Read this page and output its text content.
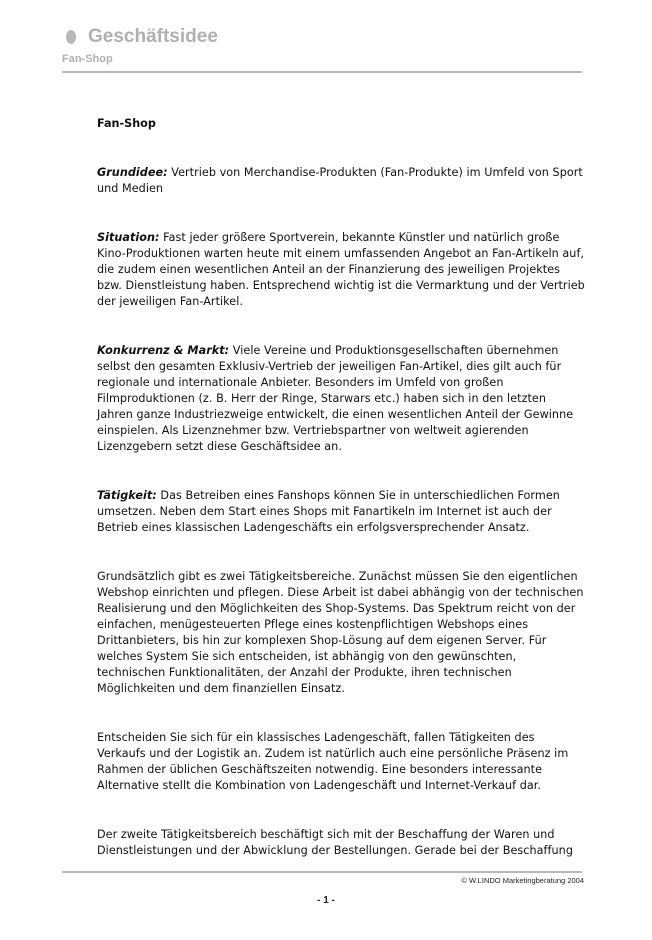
Geschäftsidee
Fan-Shop
Fan-Shop

Grundidee: Vertrieb von Merchandise-Produkten (Fan-Produkte) im Umfeld von Sport und Medien

Situation: Fast jeder größere Sportverein, bekannte Künstler und natürlich große Kino-Produktionen warten heute mit einem umfassenden Angebot an Fan-Artikeln auf, die zudem einen wesentlichen Anteil an der Finanzierung des jeweiligen Projektes bzw. Dienstleistung haben. Entsprechend wichtig ist die Vermarktung und der Vertrieb der jeweiligen Fan-Artikel.

Konkurrenz & Markt: Viele Vereine und Produktionsgesellschaften übernehmen selbst den gesamten Exklusiv-Vertrieb der jeweiligen Fan-Artikel, dies gilt auch für regionale und internationale Anbieter. Besonders im Umfeld von großen Filmproduktionen (z. B. Herr der Ringe, Starwars etc.) haben sich in den letzten Jahren ganze Industriezweige entwickelt, die einen wesentlichen Anteil der Gewinne einspielen. Als Lizenznehmer bzw. Vertriebspartner von weltweit agierenden Lizenzgebern setzt diese Geschäftsidee an.

Tätigkeit: Das Betreiben eines Fanshops können Sie in unterschiedlichen Formen umsetzen. Neben dem Start eines Shops mit Fanartikeln im Internet ist auch der Betrieb eines klassischen Ladengeschäfts ein erfolgsversprechender Ansatz.

Grundsätzlich gibt es zwei Tätigkeitsbereiche. Zunächst müssen Sie den eigentlichen Webshop einrichten und pflegen. Diese Arbeit ist dabei abhängig von der technischen Realisierung und den Möglichkeiten des Shop-Systems. Das Spektrum reicht von der einfachen, menügesteuerten Pflege eines kostenpflichtigen Webshops eines Drittanbieters, bis hin zur komplexen Shop-Lösung auf dem eigenen Server. Für welches System Sie sich entscheiden, ist abhängig von den gewünschten, technischen Funktionalitäten, der Anzahl der Produkte, ihren technischen Möglichkeiten und dem finanziellen Einsatz.

Entscheiden Sie sich für ein klassisches Ladengeschäft, fallen Tätigkeiten des Verkaufs und der Logistik an. Zudem ist natürlich auch eine persönliche Präsenz im Rahmen der üblichen Geschäftszeiten notwendig. Eine besonders interessante Alternative stellt die Kombination von Ladengeschäft und Internet-Verkauf dar.

Der zweite Tätigkeitsbereich beschäftigt sich mit der Beschaffung der Waren und Dienstleistungen und der Abwicklung der Bestellungen. Gerade bei der Beschaffung

© W.LINDO Marketingberatung 2004
- 1 -
